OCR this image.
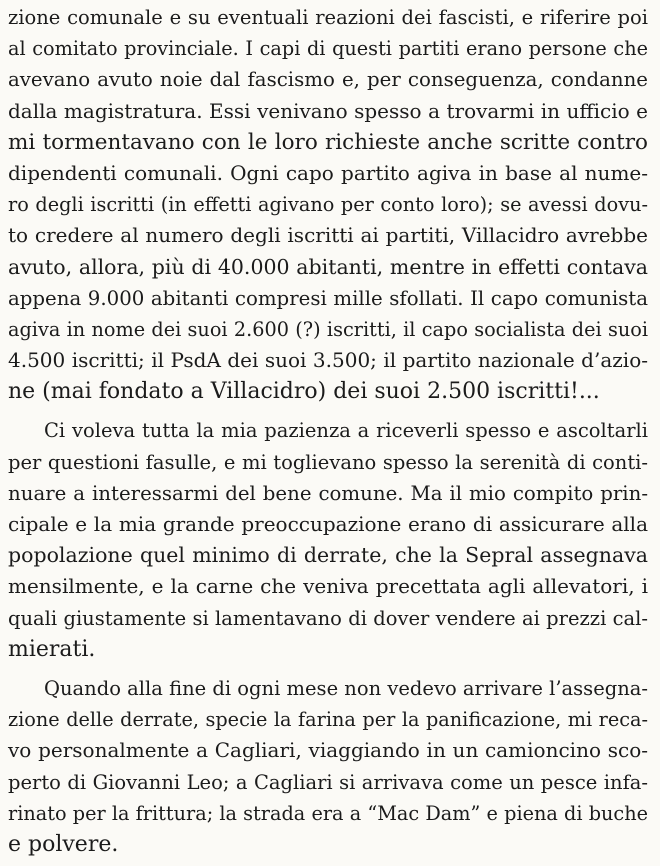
zione comunale e su eventuali reazioni dei fascisti, e riferire poi
al comitato provinciale. I capi di questi partiti erano persone che
avevano avuto noie dal fascismo e, per conseguenza, condanne
dalla magistratura. Essi venivano spesso a trovarmi in ufficio e
mi tormentavano con le loro richieste anche scritte contro
dipendenti comunali. Ogni capo partito agiva in base al nume-
ro degli iscritti (in effetti agivano per conto loro); se avessi dovu-
to credere al numero degli iscritti ai partiti, Villacidro avrebbe
avuto, allora, più di 40.000 abitanti, mentre in effetti contava
appena 9.000 abitanti compresi mille sfollati. Il capo comunista
agiva in nome dei suoi 2.600 (?) iscritti, il capo socialista dei suoi
4.500 iscritti; il PsdA dei suoi 3.500; il partito nazionale d’azio-
ne (mai fondato a Villacidro) dei suoi 2.500 iscritti!...
Ci voleva tutta la mia pazienza a riceverli spesso e ascoltarli
per questioni fasulle, e mi toglievano spesso la serenità di conti-
nuare a interessarmi del bene comune. Ma il mio compito prin-
cipale e la mia grande preoccupazione erano di assicurare alla
popolazione quel minimo di derrate, che la Sepral assegnava
mensilmente, e la carne che veniva precettata agli allevatori, i
quali giustamente si lamentavano di dover vendere ai prezzi cal-
mierati.
Quando alla fine di ogni mese non vedevo arrivare l’assegna-
zione delle derrate, specie la farina per la panificazione, mi reca-
vo personalmente a Cagliari, viaggiando in un camioncino sco-
perto di Giovanni Leo; a Cagliari si arrivava come un pesce infa-
rinato per la frittura; la strada era a “Mac Dam” e piena di buche
e polvere.
